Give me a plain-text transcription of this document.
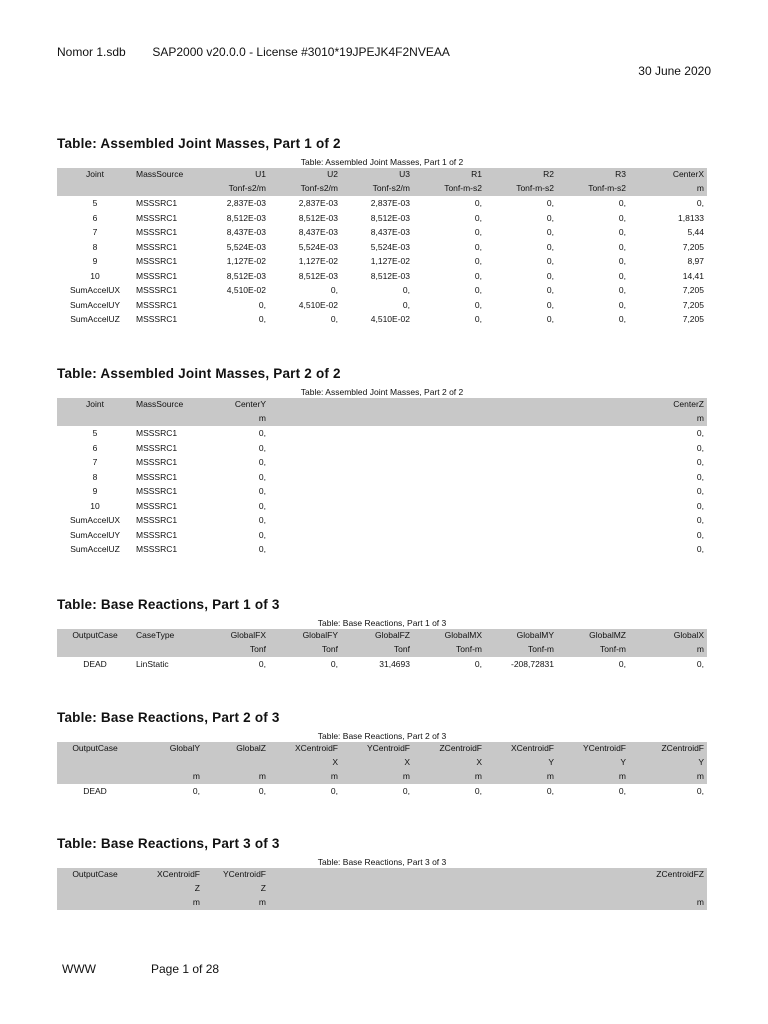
Nomor 1.sdb SAP2000 v20.0.0 - License #3010*19JPEJK4F2NVEAA
30 June 2020
Table: Assembled Joint Masses, Part 1 of 2
Table: Assembled Joint Masses, Part 1 of 2
Joint	MassSource	U1	U2	U3	R1	R2	R3	CenterX
		Tonf-s2/m	Tonf-s2/m	Tonf-s2/m	Tonf-m-s2	Tonf-m-s2	Tonf-m-s2	m
5	MSSSRC1	2,837E-03	2,837E-03	2,837E-03	0,	0,	0,	0,
6	MSSSRC1	8,512E-03	8,512E-03	8,512E-03	0,	0,	0,	1,8133
7	MSSSRC1	8,437E-03	8,437E-03	8,437E-03	0,	0,	0,	5,44
8	MSSSRC1	5,524E-03	5,524E-03	5,524E-03	0,	0,	0,	7,205
9	MSSSRC1	1,127E-02	1,127E-02	1,127E-02	0,	0,	0,	8,97
10	MSSSRC1	8,512E-03	8,512E-03	8,512E-03	0,	0,	0,	14,41
SumAccelUX	MSSSRC1	4,510E-02	0,	0,	0,	0,	0,	7,205
SumAccelUY	MSSSRC1	0,	4,510E-02	0,	0,	0,	0,	7,205
SumAccelUZ	MSSSRC1	0,	0,	4,510E-02	0,	0,	0,	7,205
Table: Assembled Joint Masses, Part 2 of 2
Table: Assembled Joint Masses, Part 2 of 2
Joint	MassSource	CenterY	CenterZ
		m	m
5	MSSSRC1	0,	0,
6	MSSSRC1	0,	0,
7	MSSSRC1	0,	0,
8	MSSSRC1	0,	0,
9	MSSSRC1	0,	0,
10	MSSSRC1	0,	0,
SumAccelUX	MSSSRC1	0,	0,
SumAccelUY	MSSSRC1	0,	0,
SumAccelUZ	MSSSRC1	0,	0,
Table: Base Reactions, Part 1 of 3
Table: Base Reactions, Part 1 of 3
OutputCase	CaseType	GlobalFX	GlobalFY	GlobalFZ	GlobalMX	GlobalMY	GlobalMZ	GlobalX
		Tonf	Tonf	Tonf	Tonf-m	Tonf-m	Tonf-m	m
DEAD	LinStatic	0,	0,	31,4693	0,	-208,72831	0,	0,
Table: Base Reactions, Part 2 of 3
Table: Base Reactions, Part 2 of 3
OutputCase	GlobalY	GlobalZ	XCentroidF	YCentroidF	ZCentroidF	XCentroidF	YCentroidF	ZCentroidF
			X	X	X	Y	Y	Y
	m	m	m	m	m	m	m	m
DEAD	0,	0,	0,	0,	0,	0,	0,	0,
Table: Base Reactions, Part 3 of 3
Table: Base Reactions, Part 3 of 3
OutputCase	XCentroidF	YCentroidF	ZCentroidFZ
	Z	Z	
	m	m	m
WWW	Page 1 of 28
